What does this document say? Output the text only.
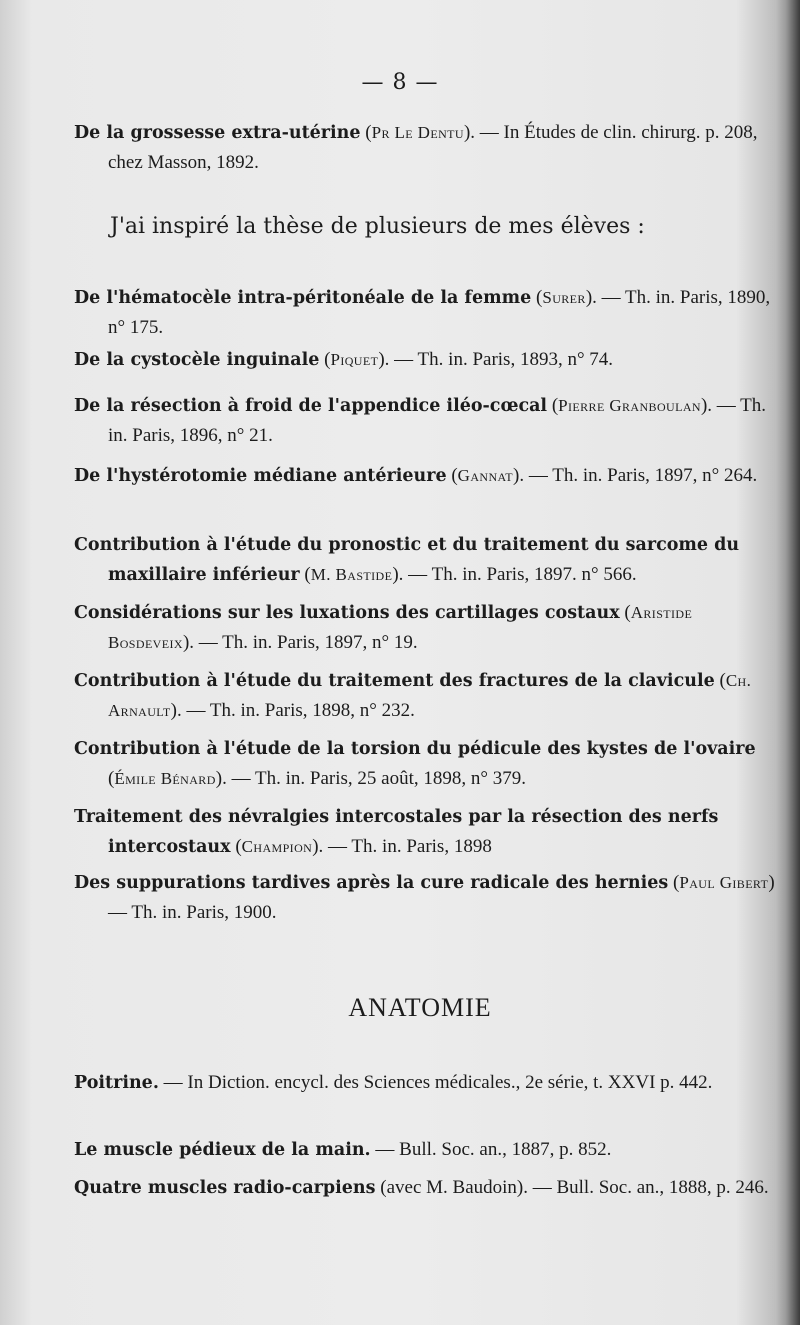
— 8 —
De la grossesse extra-utérine (Pr Le Dentu). — In Études de clin. chirurg. p. 208, chez Masson, 1892.
J'ai inspiré la thèse de plusieurs de mes élèves :
De l'hématocèle intra-péritonéale de la femme (Surer). — Th. in. Paris, 1890, n° 175.
De la cystocèle inguinale (Piquet). — Th. in. Paris, 1893, n° 74.
De la résection à froid de l'appendice iléo-cœcal (Pierre Granboulan). — Th. in. Paris, 1896, n° 21.
De l'hystérotomie médiane antérieure (Gannat). — Th. in. Paris, 1897, n° 264.
Contribution à l'étude du pronostic et du traitement du sarcome du maxillaire inférieur (M. Bastide). — Th. in. Paris, 1897. n° 566.
Considérations sur les luxations des cartillages costaux (Aristide Bosdeveix). — Th. in. Paris, 1897, n° 19.
Contribution à l'étude du traitement des fractures de la clavicule (Ch. Arnault). — Th. in. Paris, 1898, n° 232.
Contribution à l'étude de la torsion du pédicule des kystes de l'ovaire (Émile Bénard). — Th. in. Paris, 25 août, 1898, n° 379.
Traitement des névralgies intercostales par la résection des nerfs intercostaux (Champion). — Th. in. Paris, 1898
Des suppurations tardives après la cure radicale des hernies (Paul Gibert) — Th. in. Paris, 1900.
ANATOMIE
Poitrine. — In Diction. encycl. des Sciences médicales., 2e série, t. XXVI p. 442.
Le muscle pédieux de la main. — Bull. Soc. an., 1887, p. 852.
Quatre muscles radio-carpiens (avec M. Baudoin). — Bull. Soc. an., 1888, p. 246.
